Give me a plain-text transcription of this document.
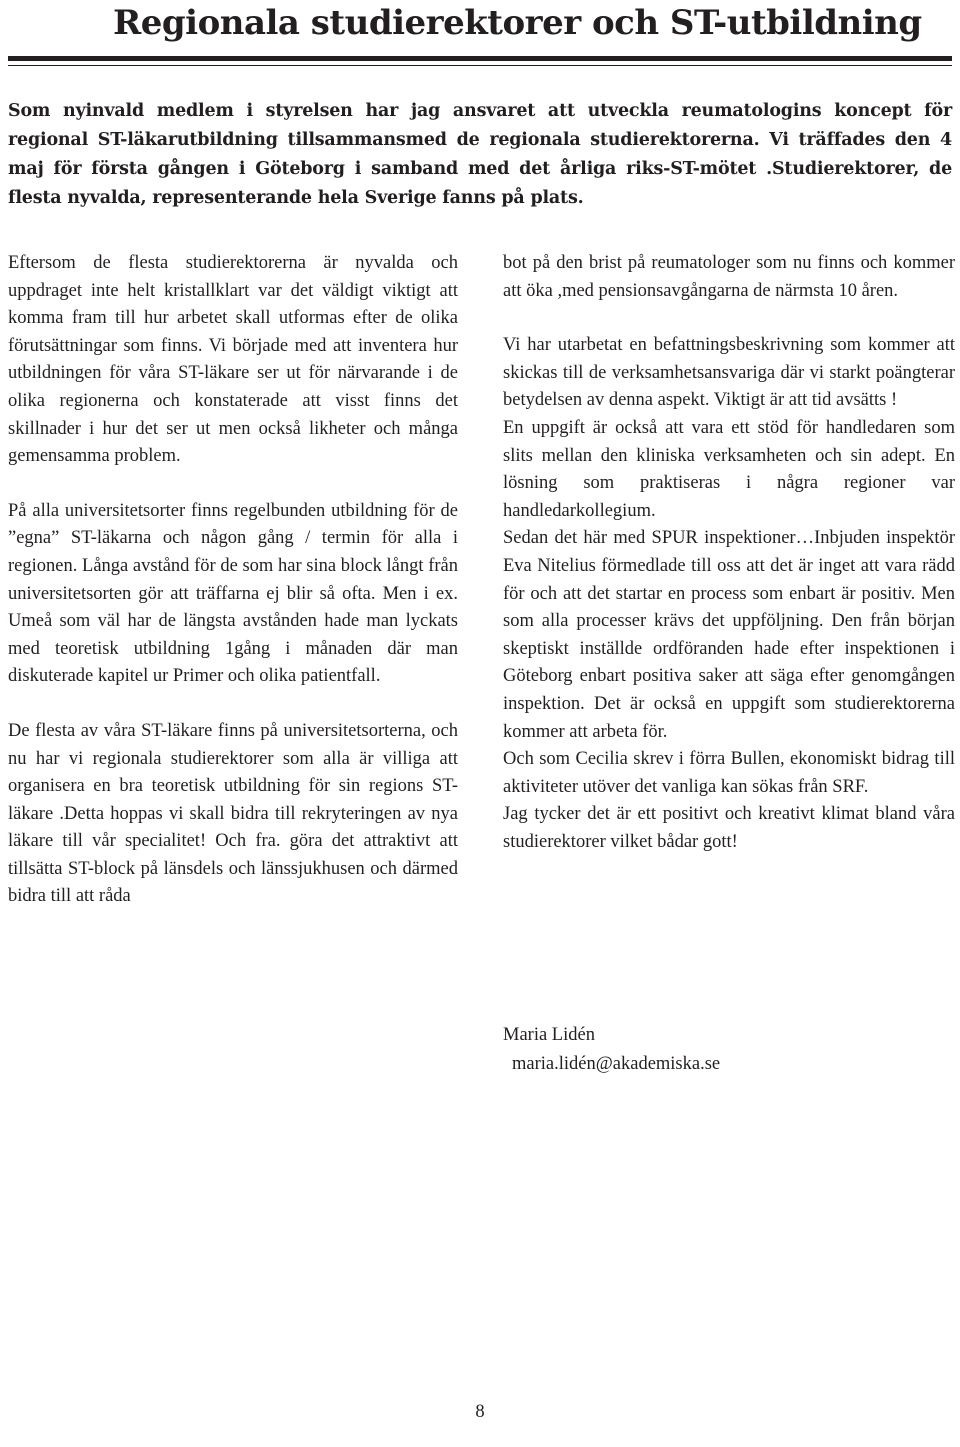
Regionala studierektorer och ST-utbildning

Som nyinvald medlem i styrelsen har jag ansvaret att utveckla reumatologins koncept för regional ST-läkarutbildning tillsammansmed de regionala studierektorerna. Vi träffades den 4 maj för första gången i Göteborg i samband med det årliga riks-ST-mötet .Studierektorer, de flesta nyvalda, representerande hela Sverige fanns på plats.

Eftersom de flesta studierektorerna är nyvalda och uppdraget inte helt kristallklart var det väldigt viktigt att komma fram till hur arbetet skall utformas efter de olika förutsättningar som finns. Vi började med att inventera hur utbildningen för våra ST-läkare ser ut för närvarande i de olika regionerna och konstaterade att visst finns det skillnader i hur det ser ut men också likheter och många gemensamma problem.

På alla universitetsorter finns regelbunden utbildning för de ”egna” ST-läkarna och någon gång / termin för alla i regionen. Långa avstånd för de som har sina block långt från universitetsorten gör att träffarna ej blir så ofta. Men i ex. Umeå som väl har de längsta avstånden hade man lyckats med teoretisk utbildning 1gång i månaden där man diskuterade kapitel ur Primer och olika patientfall.

De flesta av våra ST-läkare finns på universitetsorterna, och nu har vi regionala studierektorer som alla är villiga att organisera en bra teoretisk utbildning för sin regions ST-läkare .Detta hoppas vi skall bidra till rekryteringen av nya läkare till vår specialitet! Och fra. göra det attraktivt att tillsätta ST-block på länsdels och länssjukhusen och därmed bidra till att råda

bot på den brist på reumatologer som nu finns och kommer att öka ,med pensionsavgångarna de närmsta 10 åren.

Vi har utarbetat en befattningsbeskrivning som kommer att skickas till de verksamhetsansvariga där vi starkt poängterar betydelsen av denna aspekt. Viktigt är att tid avsätts !

En uppgift är också att vara ett stöd för handledaren som slits mellan den kliniska verksamheten och sin adept. En lösning som praktiseras i några regioner var handledarkollegium.

Sedan det här med SPUR inspektioner…Inbjuden inspektör Eva Nitelius förmedlade till oss att det är inget att vara rädd för och att det startar en process som enbart är positiv. Men som alla processer krävs det uppföljning. Den från början skeptiskt inställde ordföranden hade efter inspektionen i Göteborg enbart positiva saker att säga efter genomgången inspektion. Det är också en uppgift som studierektorerna kommer att arbeta för.

Och som Cecilia skrev i förra Bullen, ekonomiskt bidrag till aktiviteter utöver det vanliga kan sökas från SRF.

Jag tycker det är ett positivt och kreativt klimat bland våra studierektorer vilket bådar gott!

Maria Lidén
maria.lidén@akademiska.se
8
